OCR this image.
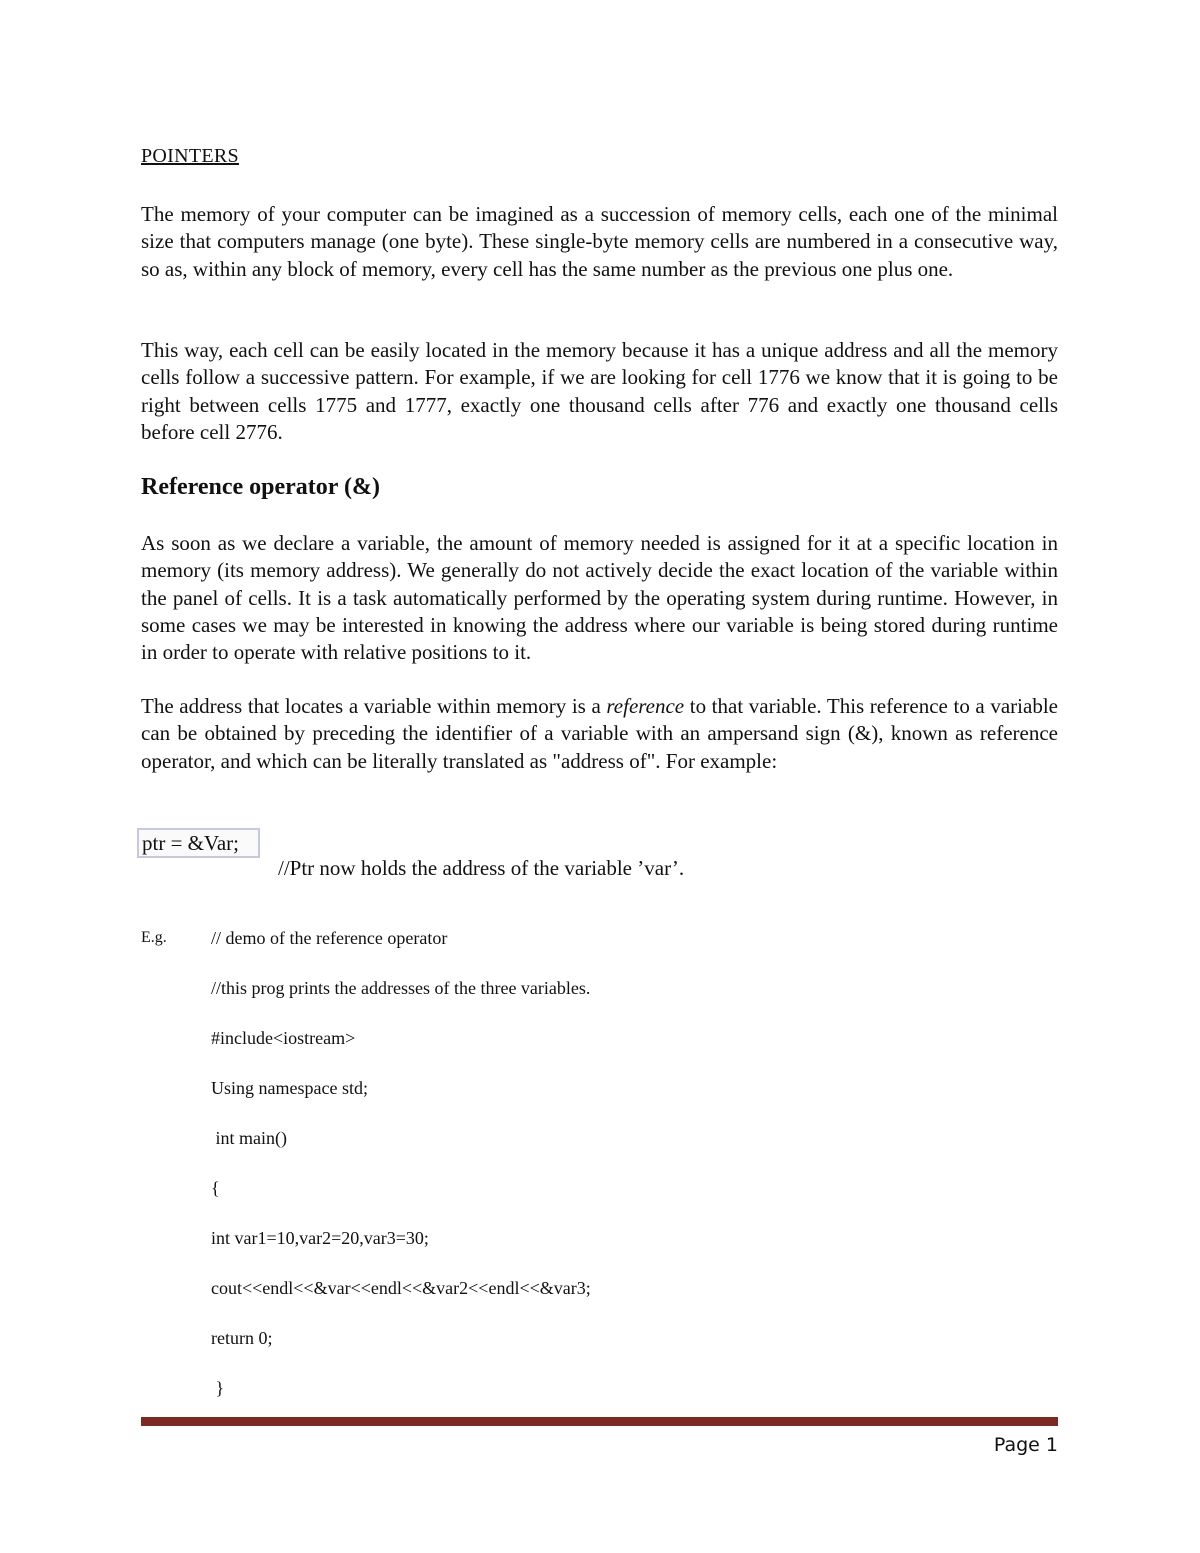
POINTERS
The memory of your computer can be imagined as a succession of memory cells, each one of the minimal size that computers manage (one byte). These single-byte memory cells are numbered in a consecutive way, so as, within any block of memory, every cell has the same number as the previous one plus one.
This way, each cell can be easily located in the memory because it has a unique address and all the memory cells follow a successive pattern. For example, if we are looking for cell 1776 we know that it is going to be right between cells 1775 and 1777, exactly one thousand cells after 776 and exactly one thousand cells before cell 2776.
Reference operator (&)
As soon as we declare a variable, the amount of memory needed is assigned for it at a specific location in memory (its memory address). We generally do not actively decide the exact location of the variable within the panel of cells. It is a task automatically performed by the operating system during runtime. However, in some cases we may be interested in knowing the address where our variable is being stored during runtime in order to operate with relative positions to it.
The address that locates a variable within memory is a reference to that variable. This reference to a variable can be obtained by preceding the identifier of a variable with an ampersand sign (&), known as reference operator, and which can be literally translated as "address of". For example:
ptr = &Var;
//Ptr now holds the address of the variable ’var’.
E.g. // demo of the reference operator
//this prog prints the addresses of the three variables.
#include<iostream>
Using namespace std;
int main()
{
int var1=10,var2=20,var3=30;
cout<<endl<<&var<<endl<<&var2<<endl<<&var3;
return 0;
}
Page 1
